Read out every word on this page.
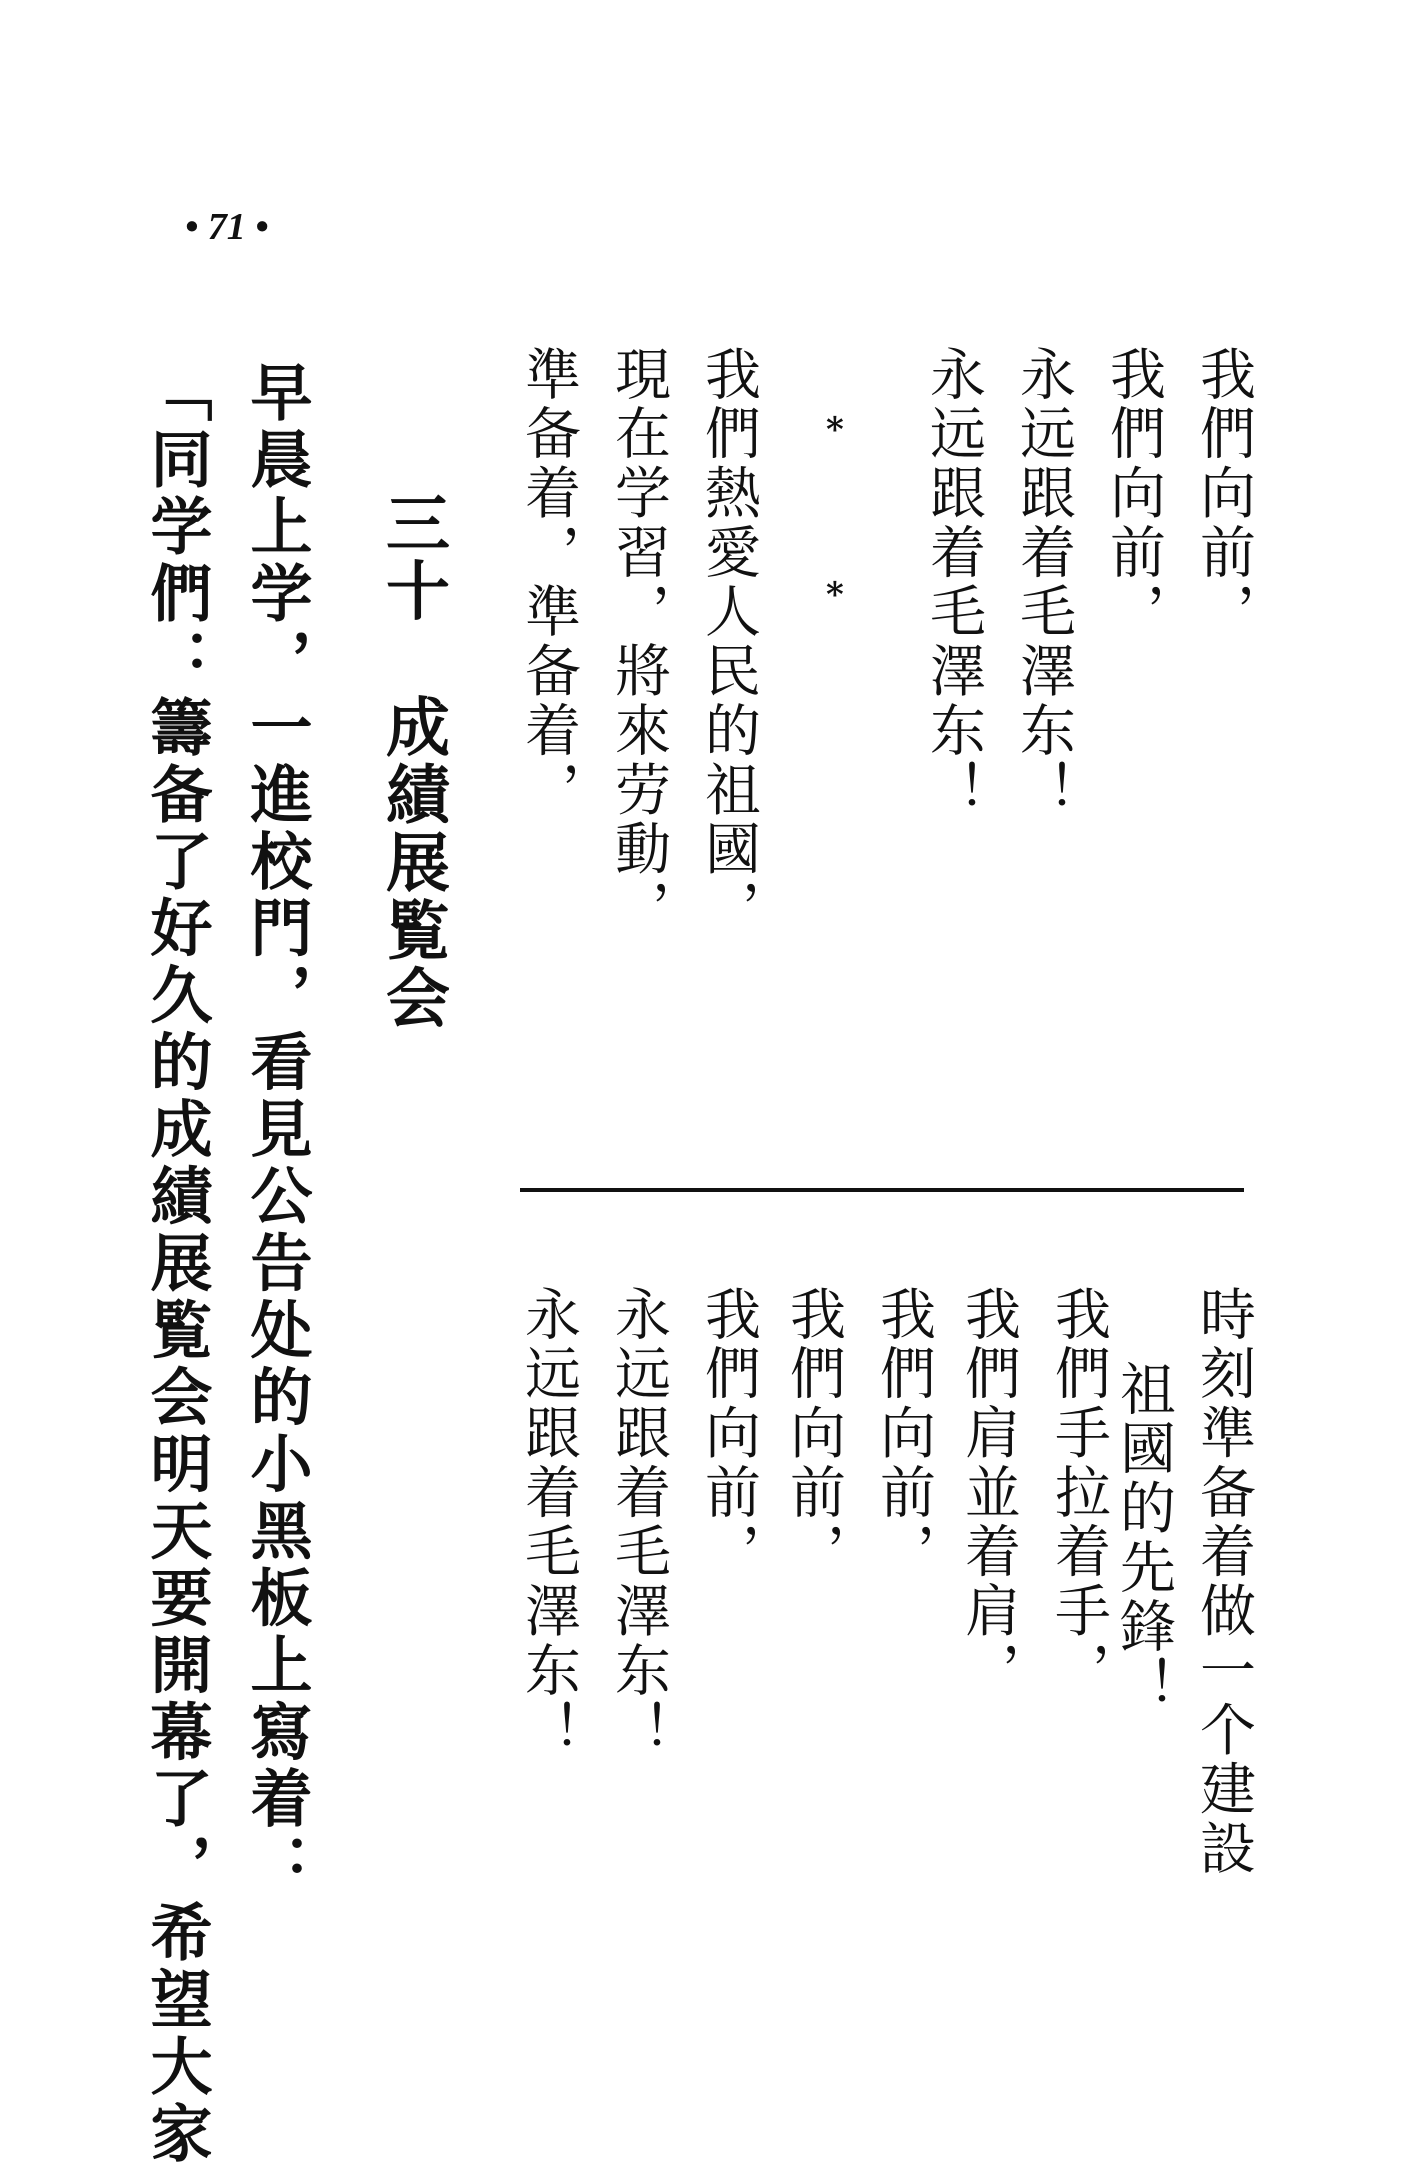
• 71 •
我們向前，
我們向前，
永远跟着毛澤东！
永远跟着毛澤东！
*
*
我們熱愛人民的祖國，
現在学習，將來劳動，
準备着，準备着，
時刻準备着做一个建設
祖國的先鋒！
我們手拉着手，
我們肩並着肩，
我們向前，
我們向前，
我們向前，
永远跟着毛澤东！
永远跟着毛澤东！
三十　成績展覧会
早晨上学，一進校門，看見公告处的小黑板上寫着：
「同学們：籌备了好久的成績展覧会明天要開幕了，希望大家
